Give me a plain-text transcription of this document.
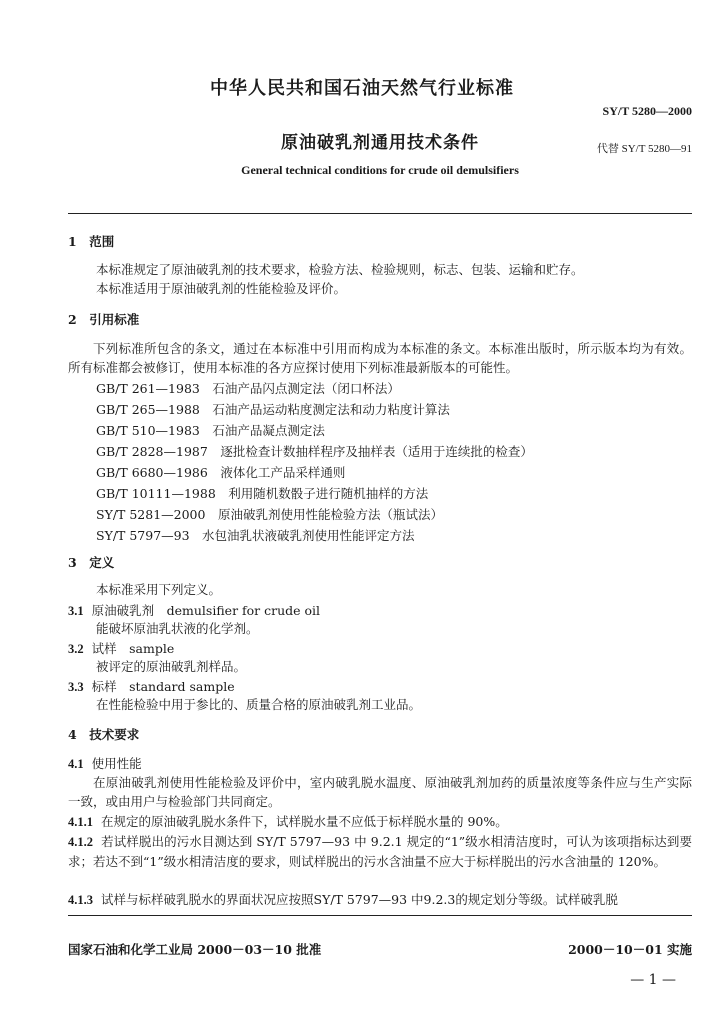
中华人民共和国石油天然气行业标准
SY/T 5280—2000
原油破乳剂通用技术条件	代替 SY/T 5280—91
General technical conditions for crude oil demulsifiers
1　范围
本标准规定了原油破乳剂的技术要求，检验方法、检验规则，标志、包装、运输和贮存。
本标准适用于原油破乳剂的性能检验及评价。
2　引用标准
下列标准所包含的条文，通过在本标准中引用而构成为本标准的条文。本标准出版时，所示版本均为有效。所有标准都会被修订，使用本标准的各方应探讨使用下列标准最新版本的可能性。
GB/T 261—1983　石油产品闪点测定法（闭口杯法）
GB/T 265—1988　石油产品运动粘度测定法和动力粘度计算法
GB/T 510—1983　石油产品凝点测定法
GB/T 2828—1987　逐批检查计数抽样程序及抽样表（适用于连续批的检查）
GB/T 6680—1986　液体化工产品采样通则
GB/T 10111—1988　利用随机数骰子进行随机抽样的方法
SY/T 5281—2000　原油破乳剂使用性能检验方法（瓶试法）
SY/T 5797—93　水包油乳状液破乳剂使用性能评定方法
3　定义
本标准采用下列定义。
3.1 原油破乳剂　demulsifier for crude oil
能破坏原油乳状液的化学剂。
3.2 试样　sample
被评定的原油破乳剂样品。
3.3 标样　standard sample
在性能检验中用于参比的、质量合格的原油破乳剂工业品。
4　技术要求
4.1 使用性能
在原油破乳剂使用性能检验及评价中，室内破乳脱水温度、原油破乳剂加药的质量浓度等条件应与生产实际一致，或由用户与检验部门共同商定。
4.1.1 在规定的原油破乳脱水条件下，试样脱水量不应低于标样脱水量的 90%。
4.1.2 若试样脱出的污水目测达到 SY/T 5797—93 中 9.2.1 规定的“1”级水相清洁度时，可认为该项指标达到要求；若达不到“1”级水相清洁度的要求，则试样脱出的污水含油量不应大于标样脱出的污水含油量的 120%。
4.1.3 试样与标样破乳脱水的界面状况应按照SY/T 5797—93 中9.2.3的规定划分等级。试样破乳脱
国家石油和化学工业局 2000－03－10 批准	2000－10－01 实施
— 1 —
